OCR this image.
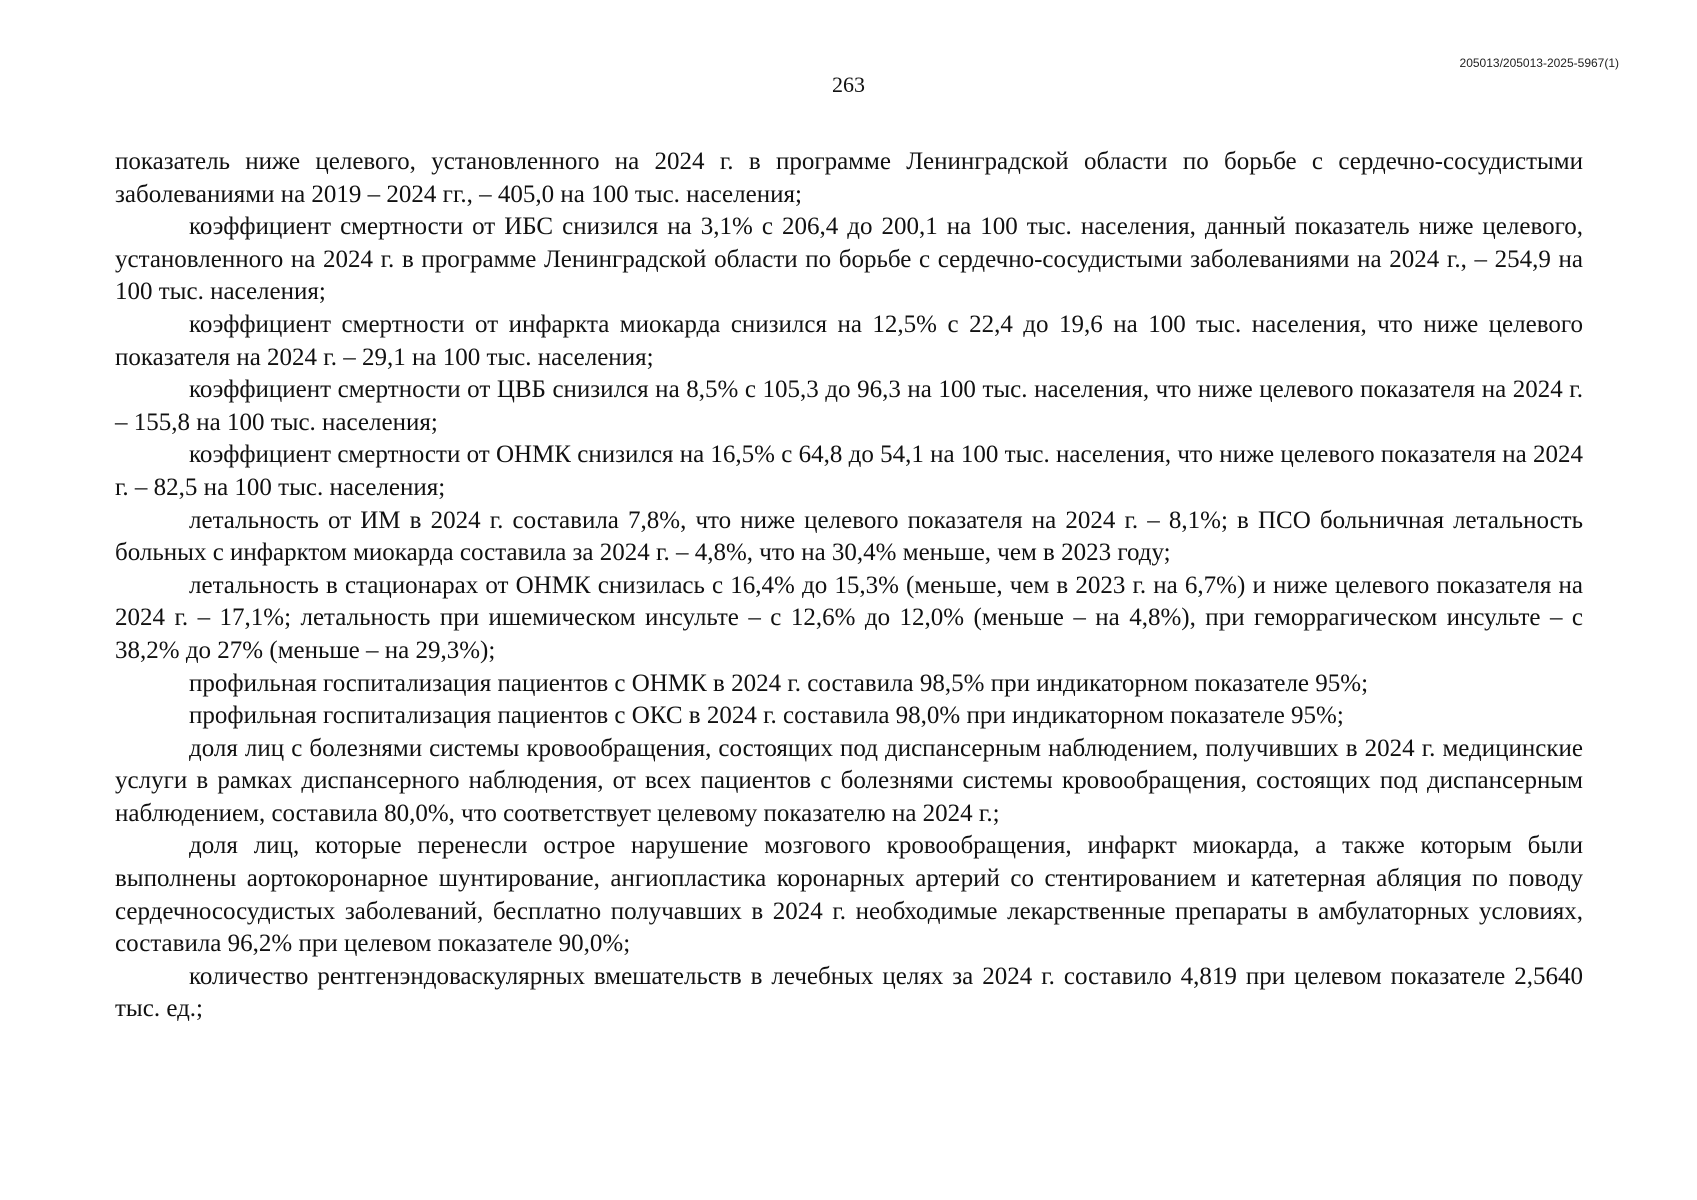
205013/205013-2025-5967(1)
263

показатель ниже целевого, установленного на 2024 г. в программе Ленинградской области по борьбе с сердечно-сосудистыми заболеваниями на 2019 – 2024 гг., – 405,0 на 100 тыс. населения;

коэффициент смертности от ИБС снизился на 3,1% с 206,4 до 200,1 на 100 тыс. населения, данный показатель ниже целевого, установленного на 2024 г. в программе Ленинградской области по борьбе с сердечно-сосудистыми заболеваниями на 2024 г., – 254,9 на 100 тыс. населения;

коэффициент смертности от инфаркта миокарда снизился на 12,5% с 22,4 до 19,6 на 100 тыс. населения, что ниже целевого показателя на 2024 г. – 29,1 на 100 тыс. населения;

коэффициент смертности от ЦВБ снизился на 8,5% с 105,3 до 96,3 на 100 тыс. населения, что ниже целевого показателя на 2024 г. – 155,8 на 100 тыс. населения;

коэффициент смертности от ОНМК снизился на 16,5% с 64,8 до 54,1 на 100 тыс. населения, что ниже целевого показателя на 2024 г. – 82,5 на 100 тыс. населения;

летальность от ИМ в 2024 г. составила 7,8%, что ниже целевого показателя на 2024 г. – 8,1%; в ПСО больничная летальность больных с инфарктом миокарда составила за 2024 г. – 4,8%, что на 30,4% меньше, чем в 2023 году;

летальность в стационарах от ОНМК снизилась с 16,4% до 15,3% (меньше, чем в 2023 г. на 6,7%) и ниже целевого показателя на 2024 г. – 17,1%; летальность при ишемическом инсульте – с 12,6% до 12,0% (меньше – на 4,8%), при геморрагическом инсульте – с 38,2% до 27% (меньше – на 29,3%);

профильная госпитализация пациентов с ОНМК в 2024 г. составила 98,5% при индикаторном показателе 95%;

профильная госпитализация пациентов с ОКС в 2024 г. составила 98,0% при индикаторном показателе 95%;

доля лиц с болезнями системы кровообращения, состоящих под диспансерным наблюдением, получивших в 2024 г. медицинские услуги в рамках диспансерного наблюдения, от всех пациентов с болезнями системы кровообращения, состоящих под диспансерным наблюдением, составила 80,0%, что соответствует целевому показателю на 2024 г.;

доля лиц, которые перенесли острое нарушение мозгового кровообращения, инфаркт миокарда, а также которым были выполнены аортокоронарное шунтирование, ангиопластика коронарных артерий со стентированием и катетерная абляция по поводу сердечнососудистых заболеваний, бесплатно получавших в 2024 г. необходимые лекарственные препараты в амбулаторных условиях, составила 96,2% при целевом показателе 90,0%;

количество рентгенэндоваскулярных вмешательств в лечебных целях за 2024 г. составило 4,819 при целевом показателе 2,5640 тыс. ед.;
